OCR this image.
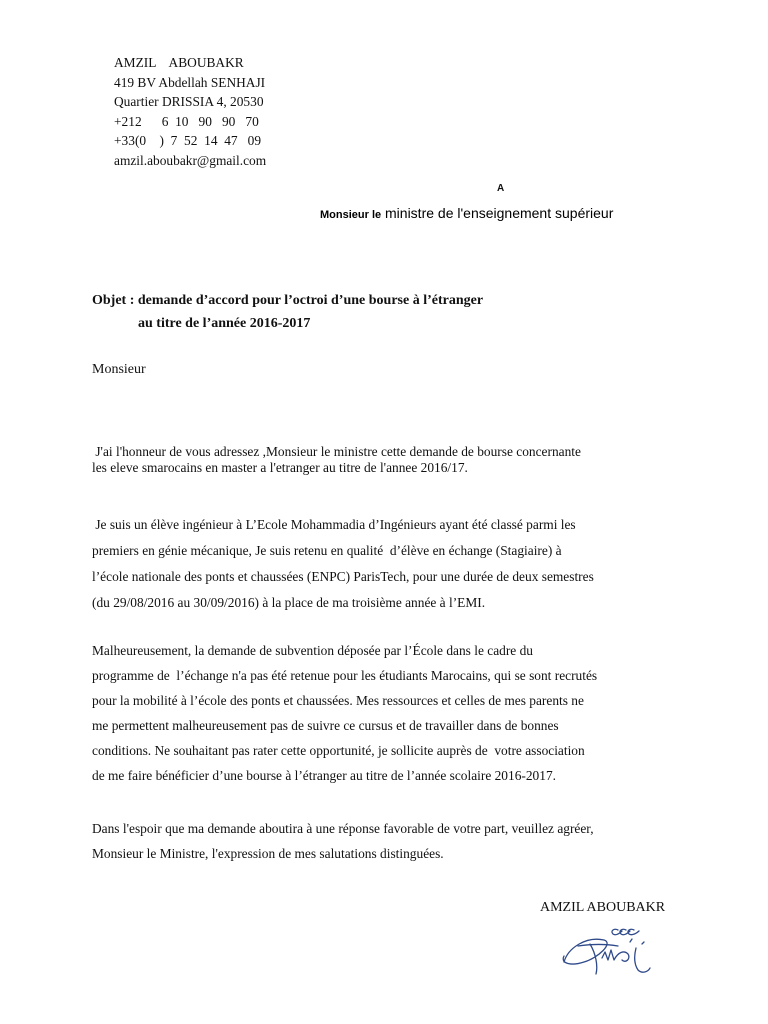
AMZIL    ABOUBAKR
419 BV Abdellah SENHAJI
Quartier DRISSIA 4, 20530
+212      6  10   90   90   70
+33(0    )  7  52  14  47   09
amzil.aboubakr@gmail.com
A
Monsieur le ministre de l'enseignement supérieur
Objet : demande d’accord pour l’octroi d’une bourse à l’étranger
au titre de l’année 2016-2017
Monsieur
J'ai l'honneur de vous adressez ,Monsieur le ministre cette demande de bourse concernante
les eleve smarocains en master a l'etranger au titre de l'annee 2016/17.
Je suis un élève ingénieur à L’Ecole Mohammadia d’Ingénieurs ayant été classé parmi les
premiers en génie mécanique, Je suis retenu en qualité  d’élève en échange (Stagiaire) à
l’école nationale des ponts et chaussées (ENPC) ParisTech, pour une durée de deux semestres
(du 29/08/2016 au 30/09/2016) à la place de ma troisième année à l’EMI.
Malheureusement, la demande de subvention déposée par l’École dans le cadre du
programme de  l’échange n'a pas été retenue pour les étudiants Marocains, qui se sont recrutés
pour la mobilité à l’école des ponts et chaussées. Mes ressources et celles de mes parents ne
me permettent malheureusement pas de suivre ce cursus et de travailler dans de bonnes
conditions. Ne souhaitant pas rater cette opportunité, je sollicite auprès de  votre association
de me faire bénéficier d’une bourse à l’étranger au titre de l’année scolaire 2016-2017.
Dans l'espoir que ma demande aboutira à une réponse favorable de votre part, veuillez agréer,
Monsieur le Ministre, l'expression de mes salutations distinguées.
AMZIL ABOUBAKR
